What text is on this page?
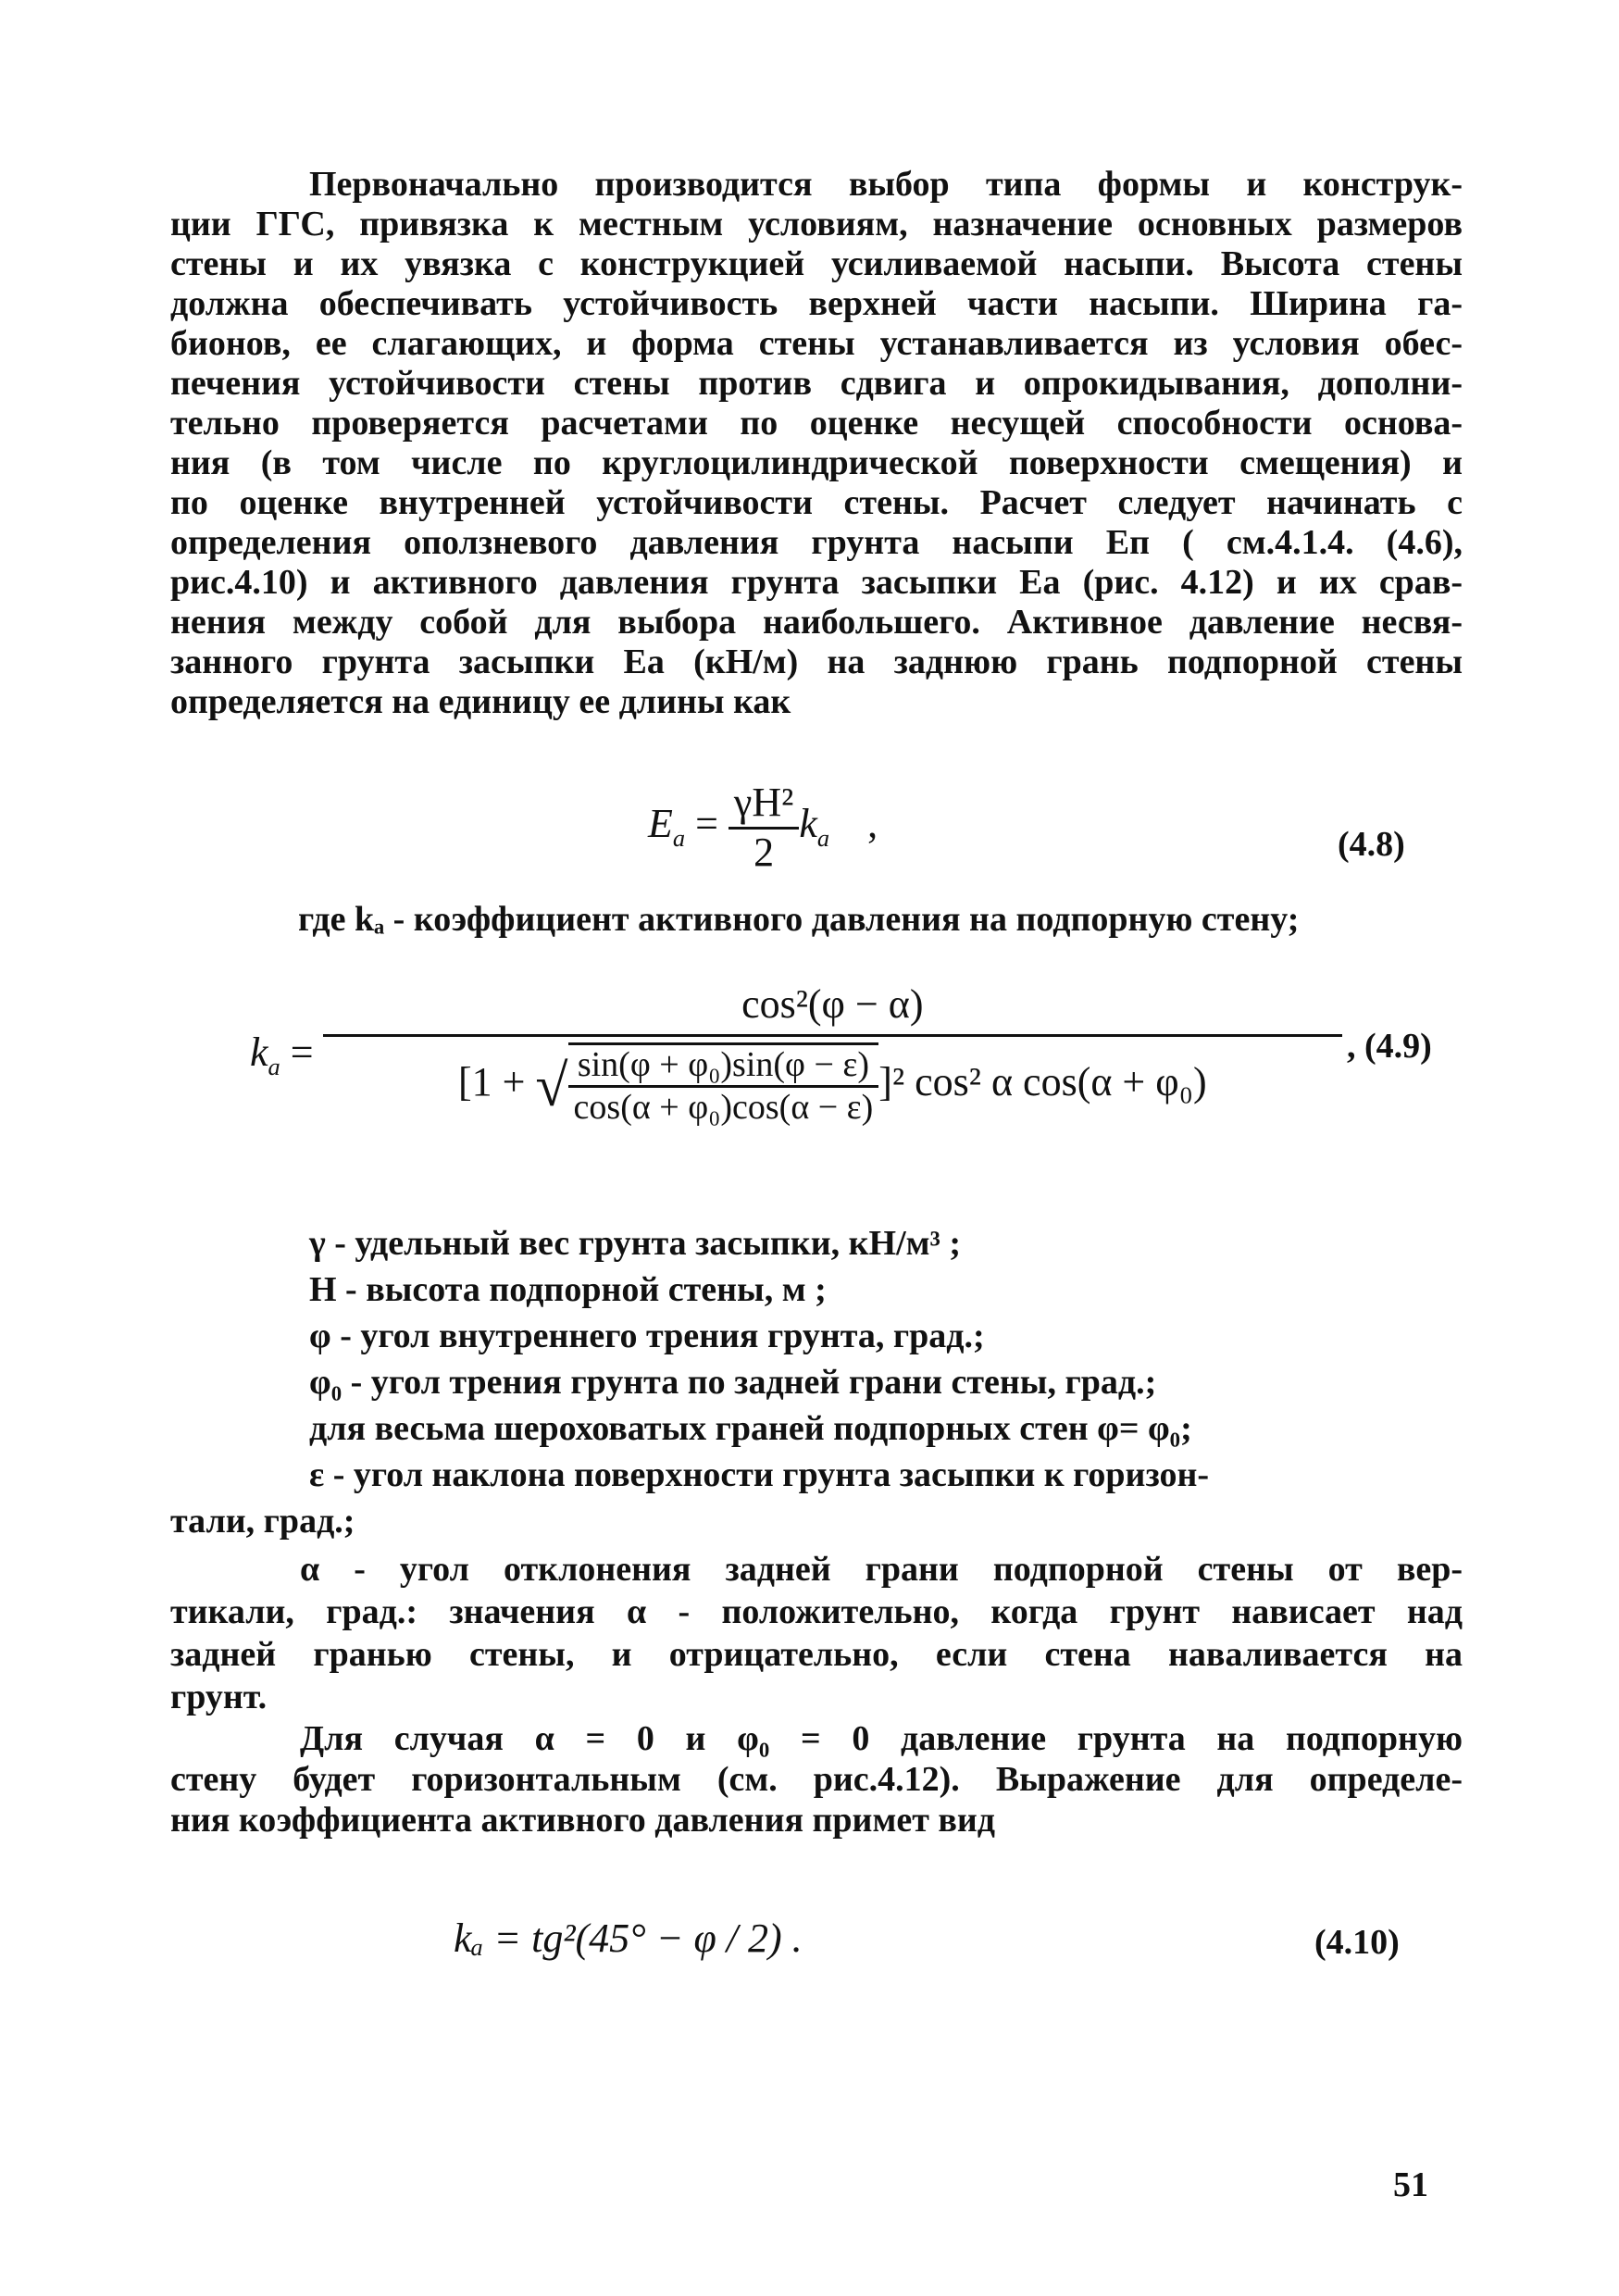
Первоначально производится выбор типа формы и конструк-
ции ГГС, привязка к местным условиям, назначение основных размеров
стены и их увязка с конструкцией усиливаемой насыпи. Высота стены
должна обеспечивать устойчивость верхней части насыпи. Ширина га-
бионов, ее слагающих, и форма стены устанавливается из условия обес-
печения устойчивости стены против сдвига и опрокидывания, дополни-
тельно проверяется расчетами по оценке несущей способности основа-
ния (в том числе по круглоцилиндрической поверхности смещения) и
по оценке внутренней устойчивости стены. Расчет следует начинать с
определения оползневого давления грунта насыпи Eп ( см.4.1.4. (4.6),
рис.4.10) и активного давления грунта засыпки Ea (рис. 4.12) и их срав-
нения между собой для выбора наибольшего. Активное давление несвя-
занного грунта засыпки Ea (кН/м) на заднюю грань подпорной стены
определяется на единицу ее длины как
$E_a = \frac{\text{γH²}}{2} k_a$ ,	(4.8)
где kₐ - коэффициент активного давления на подпорную стену;
$k_a$ =
cos²(φ − α)
[1 + √ $\frac{\text{sin(φ + φ₀)sin(φ − ε)}}{\text{cos(α + φ₀)cos(α − ε)}} ]^2$ cos² α cos(α + φ₀)
, (4.9)
γ - удельный вес грунта засыпки, кН/м³ ;
H - высота подпорной стены, м ;
φ - угол внутреннего трения грунта, град.;
φ₀ - угол трения грунта по задней грани стены, град.;
для весьма шероховатых граней подпорных стен φ= φ₀;
ε - угол наклона поверхности грунта засыпки к горизон-
тали, град.;
α - угол отклонения задней грани подпорной стены от вер-
тикали, град.: значения α - положительно, когда грунт нависает над
задней гранью стены, и отрицательно, если стена наваливается на
грунт.
Для случая α = 0 и φ₀ = 0 давление грунта на подпорную
стену будет горизонтальным (см. рис.4.12). Выражение для определе-
ния коэффициента активного давления примет вид
kₐ = tg²(45° − φ / 2) .	(4.10)
51
